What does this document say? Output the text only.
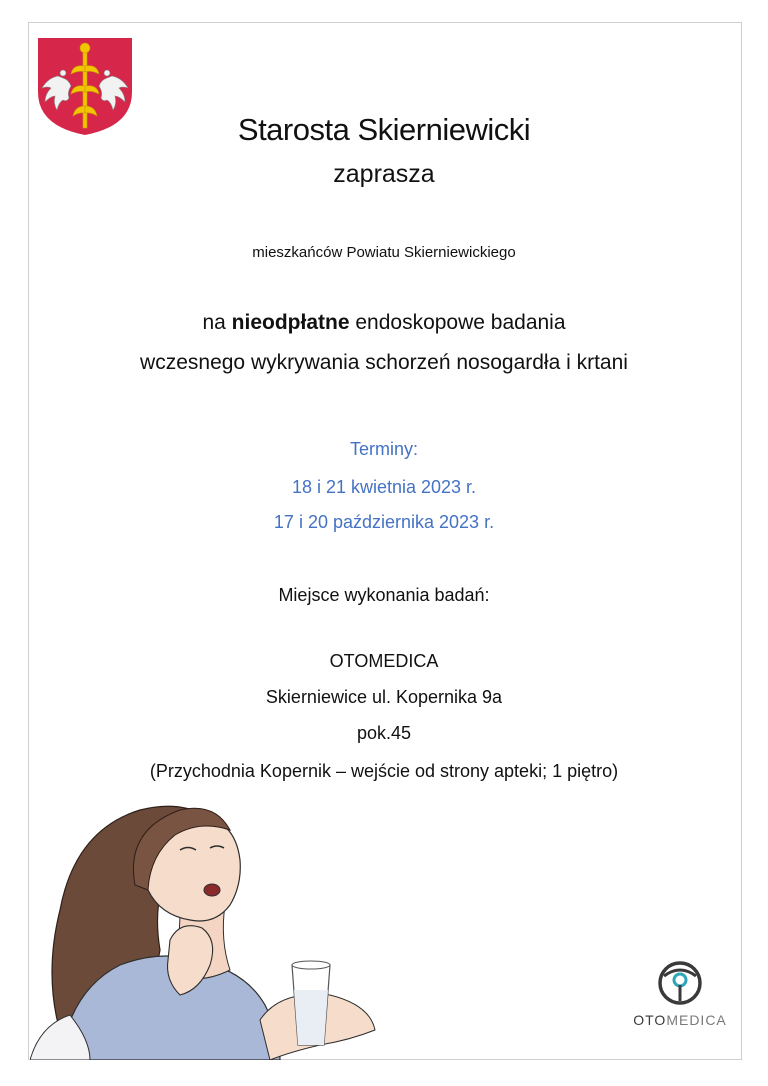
Starosta Skierniewicki
zaprasza
mieszkańców Powiatu Skierniewickiego
na nieodpłatne endoskopowe badania
wczesnego wykrywania schorzeń nosogardła i krtani
Terminy:
18 i 21 kwietnia 2023 r.
17 i 20 października 2023 r.
Miejsce wykonania badań:
OTOMEDICA
Skierniewice ul. Kopernika 9a
pok.45
(Przychodnia Kopernik – wejście od strony apteki; 1 piętro)
OTOMEDICA
